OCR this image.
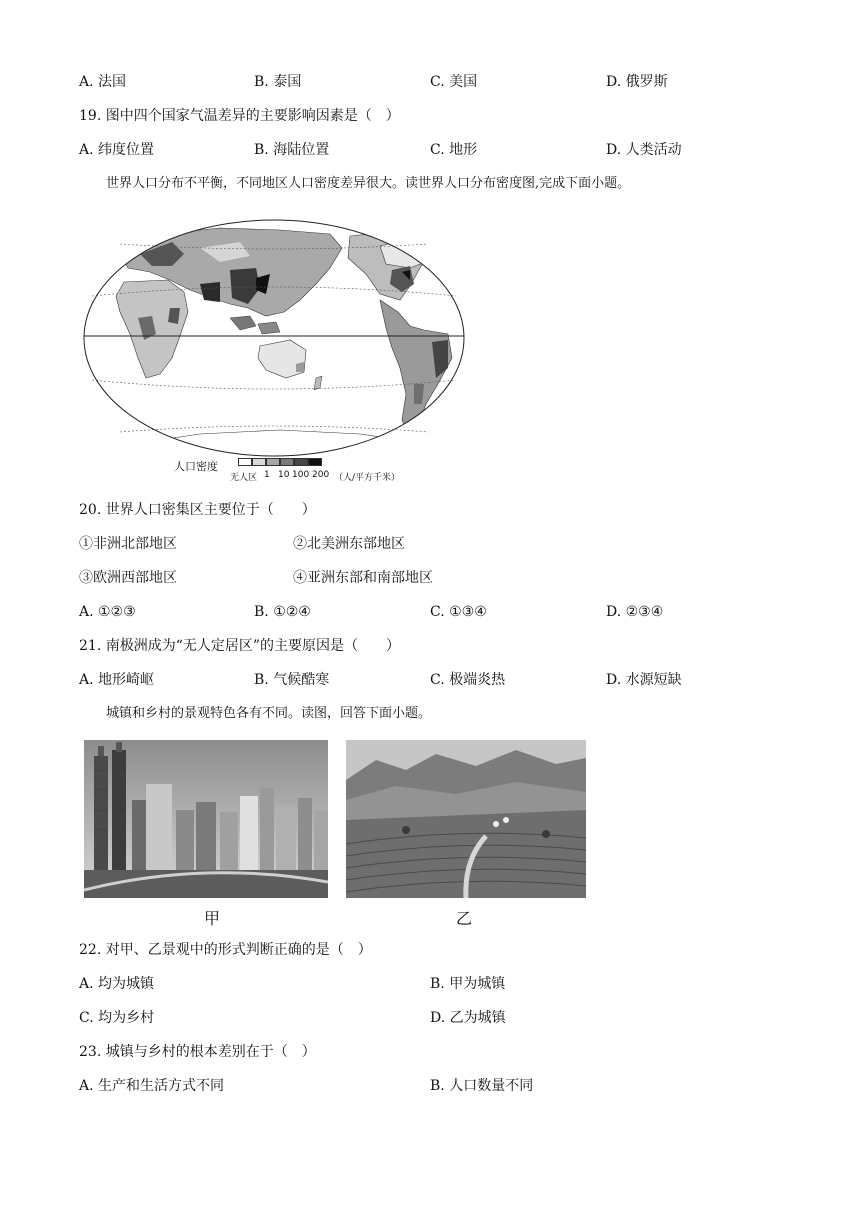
A. 法国	B. 泰国	C. 美国	D. 俄罗斯
19. 图中四个国家气温差异的主要影响因素是（　）
A. 纬度位置	B. 海陆位置	C. 地形	D. 人类活动
世界人口分布不平衡，不同地区人口密度差异很大。读世界人口分布密度图,完成下面小题。
人口密度
无人区 1 10 100 200 （人/平方千米）
20. 世界人口密集区主要位于（　　）
①非洲北部地区	②北美洲东部地区
③欧洲西部地区	④亚洲东部和南部地区
A. ①②③	B. ①②④	C. ①③④	D. ②③④
21. 南极洲成为“无人定居区”的主要原因是（　　）
A. 地形崎岖	B. 气候酷寒	C. 极端炎热	D. 水源短缺
城镇和乡村的景观特色各有不同。读图，回答下面小题。
甲	乙
22. 对甲、乙景观中的形式判断正确的是（　）
A. 均为城镇	B. 甲为城镇
C. 均为乡村	D. 乙为城镇
23. 城镇与乡村的根本差别在于（　）
A. 生产和生活方式不同	B. 人口数量不同
